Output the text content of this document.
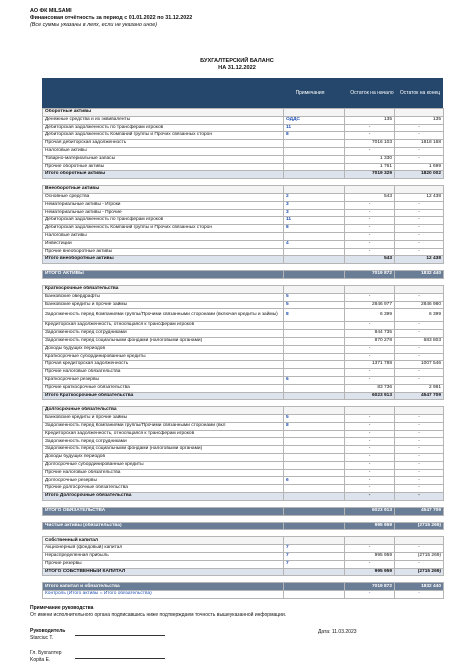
АО ФК MILSAMI
Финансовая отчётность за период с 01.01.2022 по 31.12.2022
(Все суммы указаны в леях, если не указано иное)
БУХГАЛТЕРСКИЙ БАЛАНС
НА 31.12.2022
Примечания	Остаток на начало	Остаток на конец
Оборотные активы			
Денежные средства и их эквиваленты	ОДДС	135	135
Дебиторская задолженность по трансферам игроков	11	-	-
Дебиторская задолженность Компаний группы и Прочих связанных сторон	8	-	-
Прочая дебиторская задолженность		7016 103	1818 168
Налоговые активы		-	-
Товарно-материальные запасы		1 330	-
Прочие оборотные активы		1 761	1 699
Итого оборотные активы		7019 329	1820 002

Внеоборотные активы			
Основные средства	2	543	12 438
Нематериальные активы - Игроки	3	-	-
Нематериальные активы - Прочие	3	-	-
Дебиторская задолженность по трансферам игроков	11	-	-
Дебиторская задолженность Компаний группы и Прочих связанных сторон	8	-	-
Налоговые активы		-	-
Инвестиции	4	-	-
Прочие внеоборотные активы		-	-
Итого внеоборотные активы		543	12 438

ИТОГО АКТИВЫ		7019 872	1832 440

Краткосрочные обязательства			
Банковские овердрафты	5	-	-
Банковские кредиты и прочие займы	5	2846 977	2846 980
Задолженность перед Компаниями группы/Прочими связанными сторонами (включая кредиты и займы)	8	6 399	6 399
Кредиторская задолженность, относящаяся к трансферам игроков		-	-
Задолженность перед сотрудниками		844 735	-
Задолженность перед социальными фондами (налоговыми органами)		870 278	683 803
Доходы будущих периодов		-	-
Краткосрочные субординированные кредиты		-	-
Прочая кредиторская задолженность		1371 788	1007 546
Прочие налоговые обязательства		-	-
Краткосрочные резервы	6	-	-
Прочие краткосрочные обязательства		83 736	2 981
Итого Краткосрочные обязательства		6023 913	4547 709

Долгосрочные обязательства			
Банковские кредиты и прочие займы	5	-	-
Задолженность перед Компаниями группы/Прочими связанными сторонами (вкл	8	-	-
Кредиторская задолженность, относящаяся к трансферам игроков		-	-
Задолженность перед сотрудниками		-	-
Задолженность перед социальными фондами (налоговыми органами)		-	-
Доходы будущих периодов		-	-
Долгосрочные субординированные кредиты		-	-
Прочие налоговые обязательства		-	-
Долгосрочные резервы	6	-	-
Прочие долгосрочные обязательства		-	-
Итого Долгосрочные обязательства		-	-

ИТОГО ОБЯЗАТЕЛЬСТВА		6023 913	4547 709

Чистые активы (обязательства)		995 959	(2715 269)

Собственный капитал			
Акционерный (фондовый) капитал	7	-	-
Нераспределенная прибыль	7	995 959	(2715 269)
Прочие резервы	7	-	-
ИТОГО СОБСТВЕННЫЙ КАПИТАЛ		995 959	(2715 269)

Итого капитал и обязательства		7019 872	1832 440
Контроль (Итого активы = Итого обязательства)		-	-
Примечание руководства
От имени исполнительного органа подписавшись ниже подтверждаем точность вышеуказанной информации.
Руководитель
Starciuc T.
Дата: 11.03.2023
Гл. Бухгалтер
Kopita E.
